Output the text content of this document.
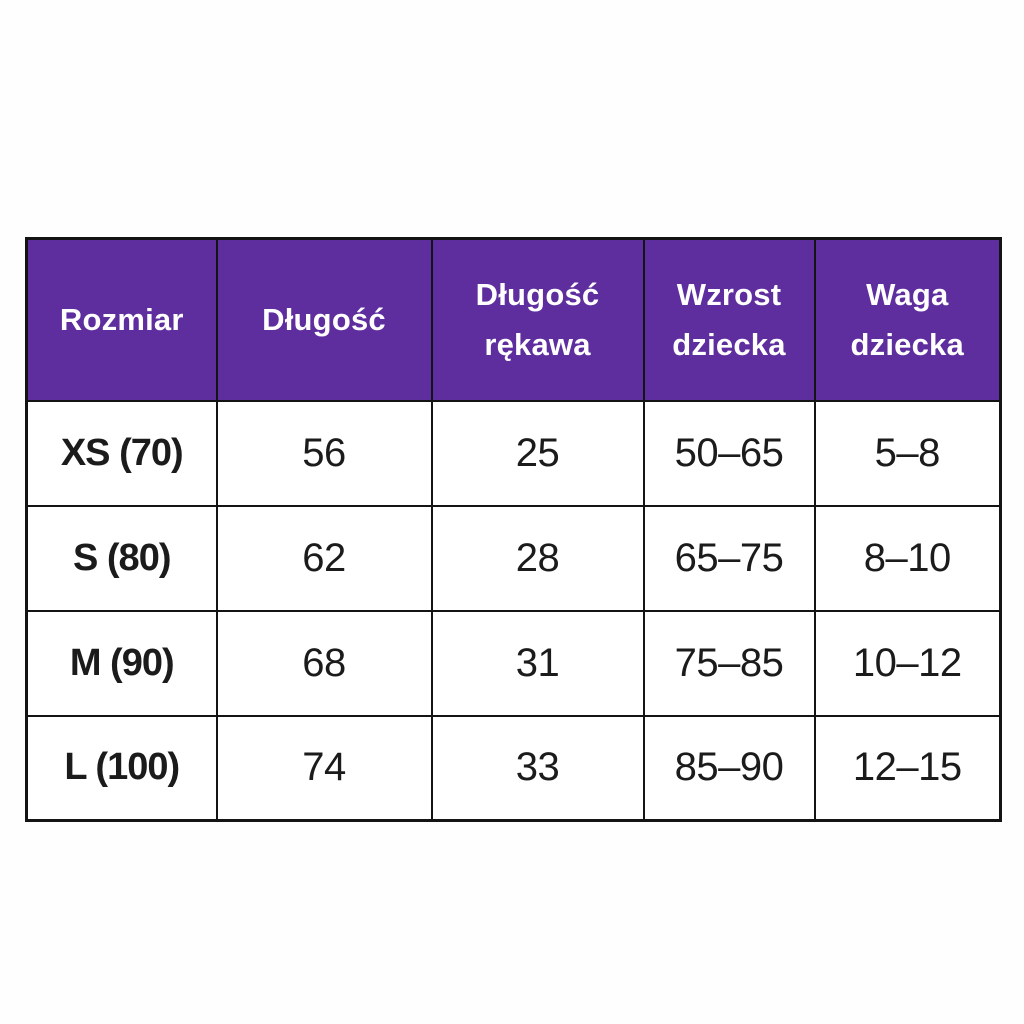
Rozmiar	Długość	Długość rękawa	Wzrost dziecka	Waga dziecka
XS (70)	56	25	50–65	5–8
S (80)	62	28	65–75	8–10
M (90)	68	31	75–85	10–12
L (100)	74	33	85–90	12–15
